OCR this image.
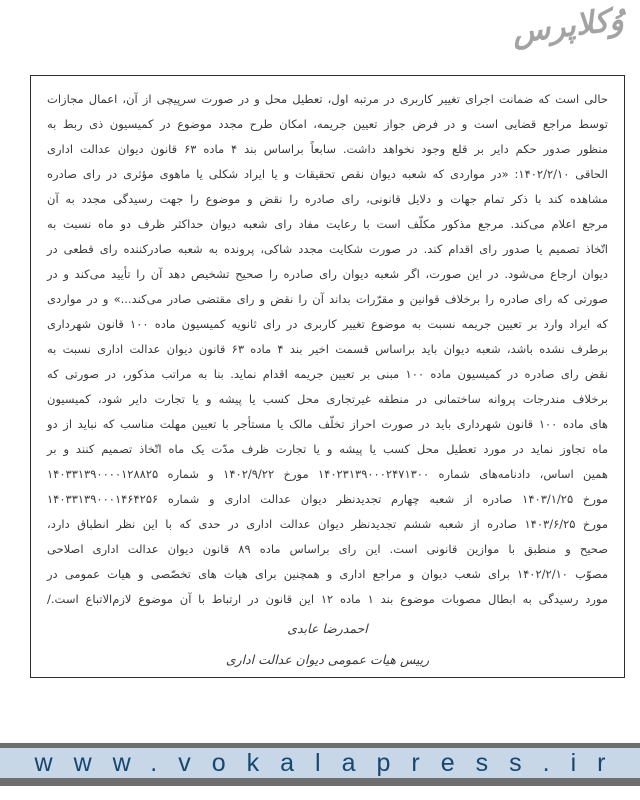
وُکلاپرس
حالی است که ضمانت اجرای تغییر کاربری در مرتبه اول، تعطیل محل و در صورت سرپیچی از آن، اعمال مجازات
توسط مراجع قضایی است و در فرض جواز تعیین جریمه، امکان طرح مجدد موضوع در کمیسیون ذی ربط به
منظور صدور حکم دایر بر قلع وجود نخواهد داشت. سابعاً براساس بند ۴ ماده ۶۳ قانون دیوان عدالت اداری
الحاقی ۱۴۰۲/۲/۱۰: «در مواردی که شعبه دیوان نقص تحقیقات و یا ایراد شکلی یا ماهوی مؤثری در رای صادره
مشاهده کند با ذکر تمام جهات و دلایل قانونی، رای صادره را نقض و موضوع را جهت رسیدگی مجدد به آن
مرجع اعلام می‌کند. مرجع مذکور مکلّف است با رعایت مفاد رای شعبه دیوان حداکثر ظرف دو ماه نسبت به
اتّخاذ تصمیم یا صدور رای اقدام کند. در صورت شکایت مجدد شاکی، پرونده به شعبه صادرکننده رای قطعی در
دیوان ارجاع می‌شود. در این صورت، اگر شعبه دیوان رای صادره را صحیح تشخیص دهد آن را تأیید می‌کند و در
صورتی که رای صادره را برخلاف قوانین و مقرّرات بداند آن را نقض و رای مقتضی صادر می‌کند...» و در مواردی
که ایراد وارد بر تعیین جریمه نسبت به موضوع تغییر کاربری در رای ثانویه کمیسیون ماده ۱۰۰ قانون شهرداری
برطرف نشده باشد، شعبه دیوان باید براساس قسمت اخیر بند ۴ ماده ۶۳ قانون دیوان عدالت اداری نسبت به
نقض رای صادره در کمیسیون ماده ۱۰۰ مبنی بر تعیین جریمه اقدام نماید. بنا به مراتب مذکور، در صورتی که
برخلاف مندرجات پروانه ساختمانی در منطقه غیرتجاری محل کسب یا پیشه و یا تجارت دایر شود، کمیسیون
های ماده ۱۰۰ قانون شهرداری باید در صورت احراز تخلّف مالک یا مستأجر با تعیین مهلت مناسب که نباید از دو
ماه تجاوز نماید در مورد تعطیل محل کسب یا پیشه و یا تجارت ظرف مدّت یک ماه اتّخاذ تصمیم کنند و بر
همین اساس، دادنامه‌های شماره ۱۴۰۲۳۱۳۹۰۰۰۲۴۷۱۳۰۰ مورخ ۱۴۰۲/۹/۲۲ و شماره ۱۴۰۳۳۱۳۹۰۰۰۰۱۲۸۸۲۵
مورخ ۱۴۰۳/۱/۲۵ صادره از شعبه چهارم تجدیدنظر دیوان عدالت اداری و شماره ۱۴۰۳۳۱۳۹۰۰۰۱۴۶۴۲۵۶
مورخ ۱۴۰۳/۶/۲۵ صادره از شعبه ششم تجدیدنظر دیوان عدالت اداری در حدی که با این نظر انطباق دارد،
صحیح و منطبق با موازین قانونی است. این رای براساس ماده ۸۹ قانون دیوان عدالت اداری اصلاحی
مصوّب ۱۴۰۲/۲/۱۰ برای شعب دیوان و مراجع اداری و همچنین برای هیات های تخصّصی و هیات عمومی در
مورد رسیدگی به ابطال مصوبات موضوع بند ۱ ماده ۱۲ این قانون در ارتباط با آن موضوع لازم‌الاتباع است./
احمدرضا عابدی
رییس هیات عمومی دیوان عدالت اداری
www.vokalapress.ir
